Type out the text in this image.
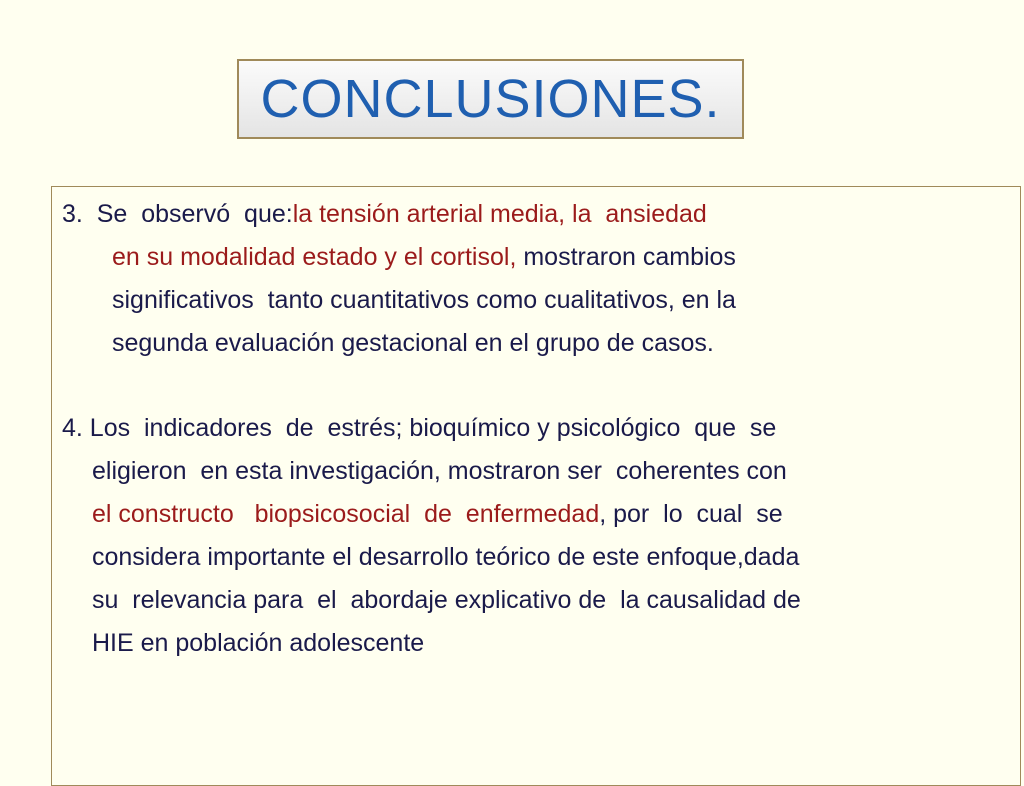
CONCLUSIONES.
3.  Se  observó  que:la tensión arterial media, la  ansiedad
en su modalidad estado y el cortisol, mostraron cambios
significativos  tanto cuantitativos como cualitativos, en la
segunda evaluación gestacional en el grupo de casos.
4. Los  indicadores  de  estrés; bioquímico y psicológico  que  se
eligieron  en esta investigación, mostraron ser  coherentes con
el constructo   biopsicosocial  de  enfermedad, por  lo  cual  se
considera importante el desarrollo teórico de este enfoque,dada
su  relevancia para  el  abordaje explicativo de  la causalidad de
HIE en población adolescente
